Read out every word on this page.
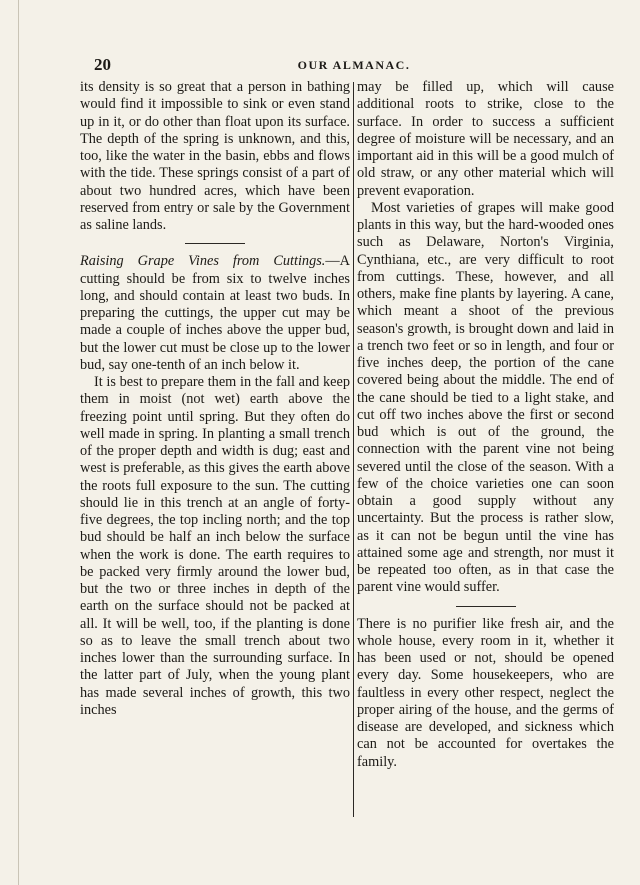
20	OUR ALMANAC.

its density is so great that a person in bathing would find it impossible to sink or even stand up in it, or do other than float upon its surface. The depth of the spring is unknown, and this, too, like the water in the basin, ebbs and flows with the tide. These springs consist of a part of about two hundred acres, which have been reserved from entry or sale by the Government as saline lands.

Raising Grape Vines from Cuttings.—A cutting should be from six to twelve inches long, and should contain at least two buds. In preparing the cuttings, the upper cut may be made a couple of inches above the upper bud, but the lower cut must be close up to the lower bud, say one-tenth of an inch below it.

It is best to prepare them in the fall and keep them in moist (not wet) earth above the freezing point until spring. But they often do well made in spring. In planting a small trench of the proper depth and width is dug; east and west is preferable, as this gives the earth above the roots full exposure to the sun. The cutting should lie in this trench at an angle of forty-five degrees, the top incling north; and the top bud should be half an inch below the surface when the work is done. The earth requires to be packed very firmly around the lower bud, but the two or three inches in depth of the earth on the surface should not be packed at all. It will be well, too, if the planting is done so as to leave the small trench about two inches lower than the surrounding surface. In the latter part of July, when the young plant has made several inches of growth, this two inches

may be filled up, which will cause additional roots to strike, close to the surface. In order to success a sufficient degree of moisture will be necessary, and an important aid in this will be a good mulch of old straw, or any other material which will prevent evaporation.

Most varieties of grapes will make good plants in this way, but the hard-wooded ones such as Delaware, Norton's Virginia, Cynthiana, etc., are very difficult to root from cuttings. These, however, and all others, make fine plants by layering. A cane, which meant a shoot of the previous season's growth, is brought down and laid in a trench two feet or so in length, and four or five inches deep, the portion of the cane covered being about the middle. The end of the cane should be tied to a light stake, and cut off two inches above the first or second bud which is out of the ground, the connection with the parent vine not being severed until the close of the season. With a few of the choice varieties one can soon obtain a good supply without any uncertainty. But the process is rather slow, as it can not be begun until the vine has attained some age and strength, nor must it be repeated too often, as in that case the parent vine would suffer.

There is no purifier like fresh air, and the whole house, every room in it, whether it has been used or not, should be opened every day. Some housekeepers, who are faultless in every other respect, neglect the proper airing of the house, and the germs of disease are developed, and sickness which can not be accounted for overtakes the family.
